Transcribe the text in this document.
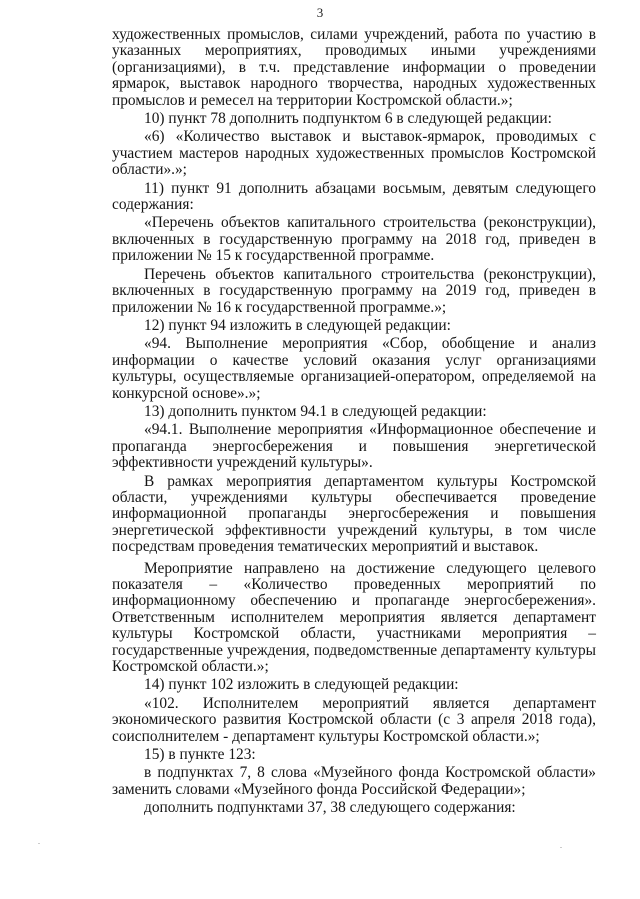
3

художественных промыслов, силами учреждений, работа по участию в указанных мероприятиях, проводимых иными учреждениями (организациями), в т.ч. представление информации о проведении ярмарок, выставок народного творчества, народных художественных промыслов и ремесел на территории Костромской области.»;

10) пункт 78 дополнить подпунктом 6 в следующей редакции:

«6) «Количество выставок и выставок-ярмарок, проводимых с участием мастеров народных художественных промыслов Костромской области».»;

11) пункт 91 дополнить абзацами восьмым, девятым следующего содержания:

«Перечень объектов капитального строительства (реконструкции), включенных в государственную программу на 2018 год, приведен в приложении № 15 к государственной программе.

Перечень объектов капитального строительства (реконструкции), включенных в государственную программу на 2019 год, приведен в приложении № 16 к государственной программе.»;

12) пункт 94 изложить в следующей редакции:

«94. Выполнение мероприятия «Сбор, обобщение и анализ информации о качестве условий оказания услуг организациями культуры, осуществляемые организацией-оператором, определяемой на конкурсной основе».»;

13) дополнить пунктом 94.1 в следующей редакции:

«94.1. Выполнение мероприятия «Информационное обеспечение и пропаганда энергосбережения и повышения энергетической эффективности учреждений культуры».

В рамках мероприятия департаментом культуры Костромской области, учреждениями культуры обеспечивается проведение информационной пропаганды энергосбережения и повышения энергетической эффективности учреждений культуры, в том числе посредствам проведения тематических мероприятий и выставок.

Мероприятие направлено на достижение следующего целевого показателя – «Количество проведенных мероприятий по информационному обеспечению и пропаганде энергосбережения». Ответственным исполнителем мероприятия является департамент культуры Костромской области, участниками мероприятия – государственные учреждения, подведомственные департаменту культуры Костромской области.»;

14) пункт 102 изложить в следующей редакции:

«102. Исполнителем мероприятий является департамент экономического развития Костромской области (с 3 апреля 2018 года), соисполнителем - департамент культуры Костромской области.»;

15) в пункте 123:

в подпунктах 7, 8 слова «Музейного фонда Костромской области» заменить словами «Музейного фонда Российской Федерации»;

дополнить подпунктами 37, 38 следующего содержания:
